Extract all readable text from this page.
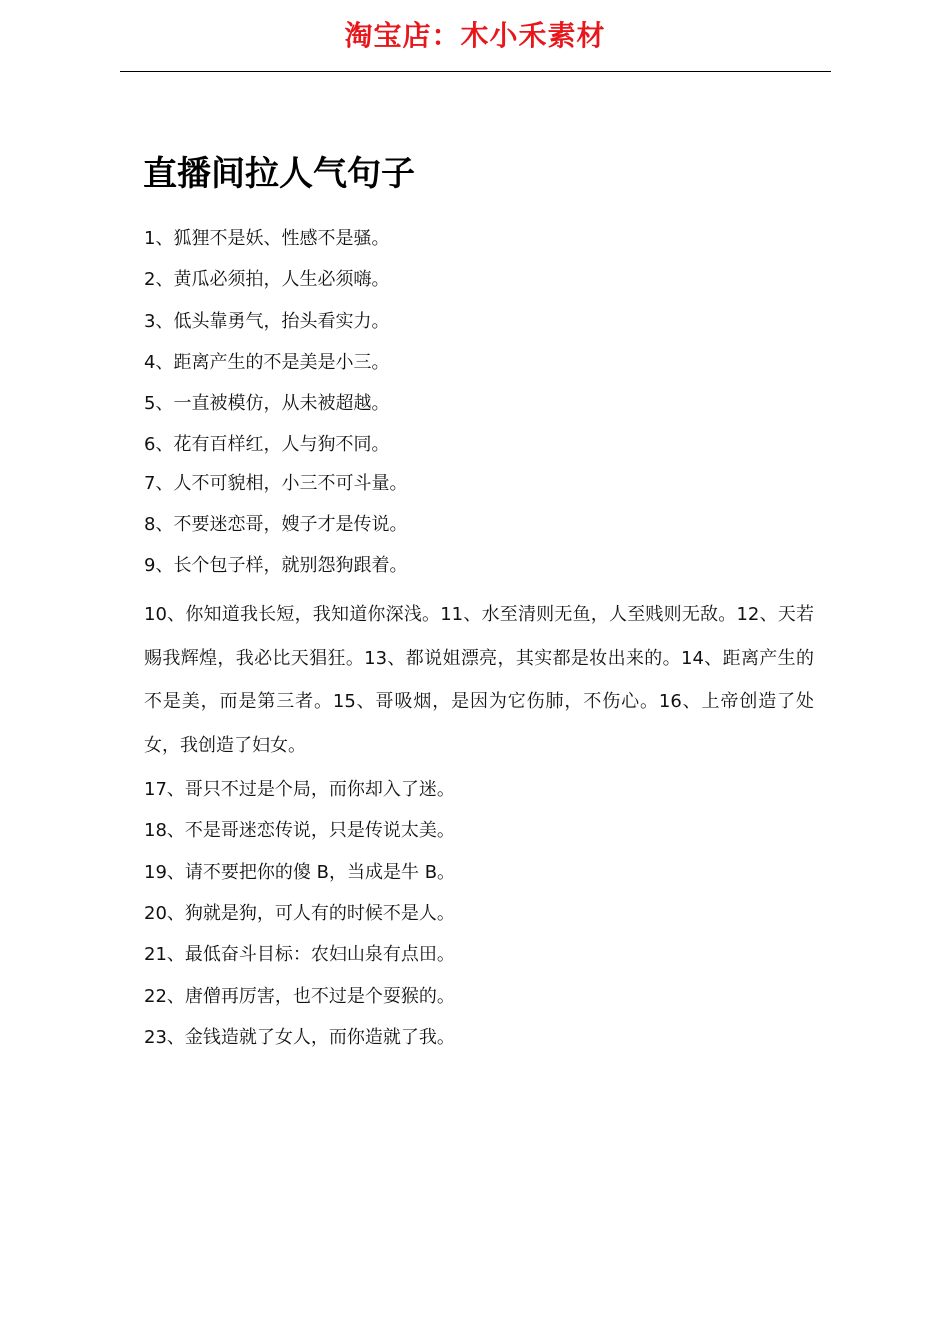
淘宝店：木小禾素材
直播间拉人气句子
1、狐狸不是妖、性感不是骚。
2、黄瓜必须拍，人生必须嗨。
3、低头靠勇气，抬头看实力。
4、距离产生的不是美是小三。
5、一直被模仿，从未被超越。
6、花有百样红，人与狗不同。
7、人不可貌相，小三不可斗量。
8、不要迷恋哥，嫂子才是传说。
9、长个包子样，就别怨狗跟着。
10、你知道我长短，我知道你深浅。11、水至清则无鱼，人至贱则无敌。12、天若赐我辉煌，我必比天猖狂。13、都说姐漂亮，其实都是妆出来的。14、距离产生的不是美，而是第三者。15、哥吸烟，是因为它伤肺，不伤心。16、上帝创造了处女，我创造了妇女。
17、哥只不过是个局，而你却入了迷。
18、不是哥迷恋传说，只是传说太美。
19、请不要把你的傻 B，当成是牛 B。
20、狗就是狗，可人有的时候不是人。
21、最低奋斗目标：农妇山泉有点田。
22、唐僧再厉害，也不过是个耍猴的。
23、金钱造就了女人，而你造就了我。
